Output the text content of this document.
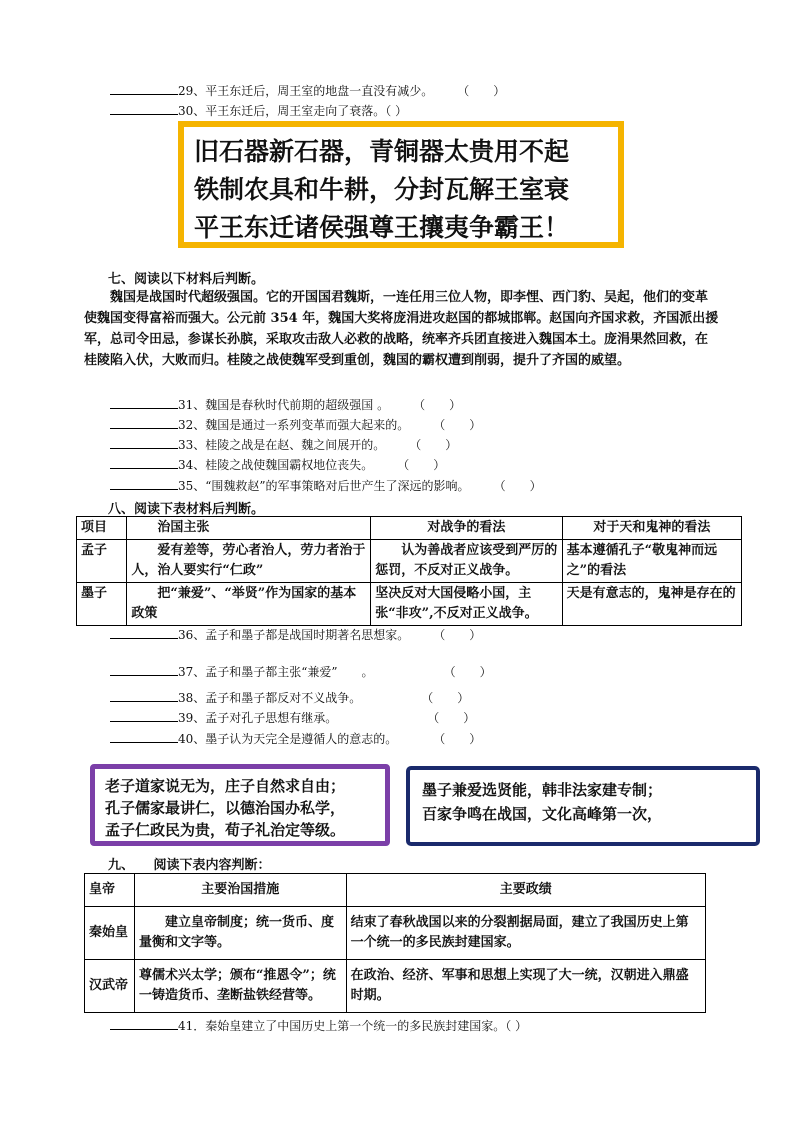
29、平王东迁后，周王室的地盘一直没有减少。 （　　）
30、平王东迁后，周王室走向了衰落。（ ）
旧石器新石器，青铜器太贵用不起
铁制农具和牛耕，分封瓦解王室衰
平王东迁诸侯强尊王攘夷争霸王！
七、阅读以下材料后判断。
魏国是战国时代超级强国。它的开国国君魏斯，一连任用三位人物，即李悝、西门豹、吴起，他们的变革使魏国变得富裕而强大。公元前 354 年，魏国大奖将庞涓进攻赵国的都城邯郸。赵国向齐国求救，齐国派出援军，总司令田忌，参谋长孙膑，采取攻击敌人必救的战略，统率齐兵团直接进入魏国本土。庞涓果然回救，在桂陵陷入伏，大败而归。桂陵之战使魏军受到重创，魏国的霸权遭到削弱，提升了齐国的威望。
31、魏国是春秋时代前期的超级强国 。 （　　）
32、魏国是通过一系列变革而强大起来的。 （　　）
33、桂陵之战是在赵、魏之间展开的。 （　　）
34、桂陵之战使魏国霸权地位丧失。 （　　）
35、“围魏救赵”的军事策略对后世产生了深远的影响。 （　　）
八、阅读下表材料后判断。
项目	治国主张	对战争的看法	对于天和鬼神的看法
孟子	爱有差等，劳心者治人，劳力者治于人，治人要实行“仁政”	认为善战者应该受到严厉的惩罚，不反对正义战争。	基本遵循孔子“敬鬼神而远之”的看法
墨子	把“兼爱”、“举贤”作为国家的基本政策	坚决反对大国侵略小国，主张“非攻”,不反对正义战争。	天是有意志的，鬼神是存在的
36、孟子和墨子都是战国时期著名思想家。 （　　）
37、孟子和墨子都主张“兼爱”　　。	（　　）
38、孟子和墨子都反对不义战争。	（　　）
39、孟子对孔子思想有继承。	（　　）
40、墨子认为天完全是遵循人的意志的。	（　　）
老子道家说无为，庄子自然求自由；
孔子儒家最讲仁，以德治国办私学，
孟子仁政民为贵，荀子礼治定等级。
墨子兼爱选贤能，韩非法家建专制；
百家争鸣在战国，文化高峰第一次，
九、　　阅读下表内容判断：
皇帝	主要治国措施	主要政绩
秦始皇	建立皇帝制度；统一货币、度量衡和文字等。	结束了春秋战国以来的分裂割据局面，建立了我国历史上第一个统一的多民族封建国家。
汉武帝	尊儒术兴太学；颁布“推恩令”；统一铸造货币、垄断盐铁经营等。	在政治、经济、军事和思想上实现了大一统，汉朝进入鼎盛时期。
41．秦始皇建立了中国历史上第一个统一的多民族封建国家。（ ）
